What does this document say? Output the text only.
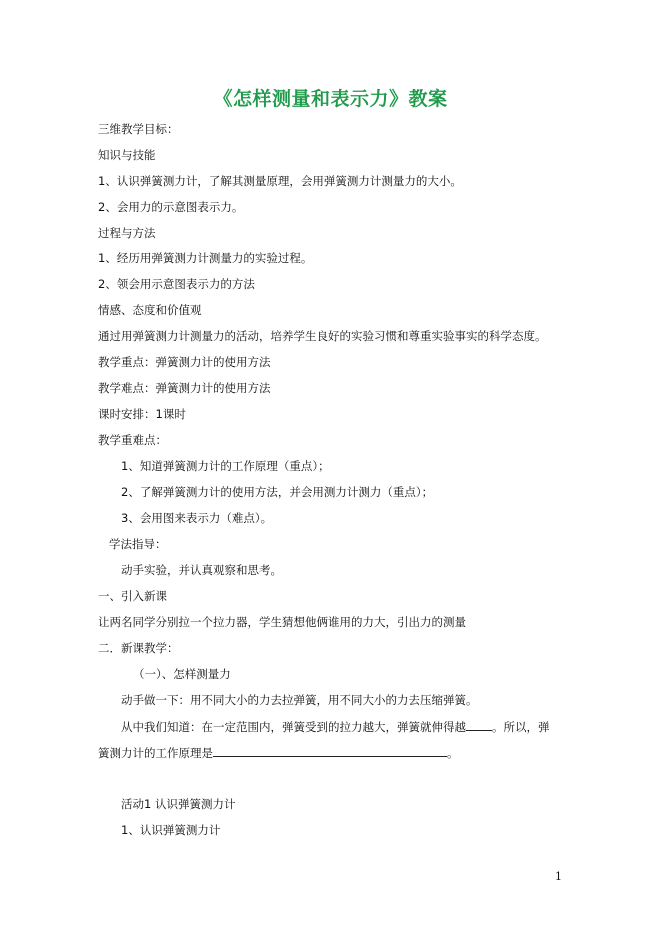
《怎样测量和表示力》教案
三维教学目标：
知识与技能
1、认识弹簧测力计，了解其测量原理，会用弹簧测力计测量力的大小。
2、会用力的示意图表示力。
过程与方法
1、经历用弹簧测力计测量力的实验过程。
2、领会用示意图表示力的方法
情感、态度和价值观
通过用弹簧测力计测量力的活动，培养学生良好的实验习惯和尊重实验事实的科学态度。
教学重点：弹簧测力计的使用方法
教学难点：弹簧测力计的使用方法
课时安排：1课时
教学重难点：
1、知道弹簧测力计的工作原理（重点）；
2、了解弹簧测力计的使用方法，并会用测力计测力（重点）；
3、会用图来表示力（难点）。
学法指导：
动手实验，并认真观察和思考。
一、引入新课
让两名同学分别拉一个拉力器，学生猜想他俩谁用的力大，引出力的测量
二．新课教学：
（一）、怎样测量力
动手做一下：用不同大小的力去拉弹簧，用不同大小的力去压缩弹簧。
从中我们知道：在一定范围内，弹簧受到的拉力越大，弹簧就伸得越 。所以，弹
簧测力计的工作原理是	。
活动1 认识弹簧测力计
1、认识弹簧测力计
1
